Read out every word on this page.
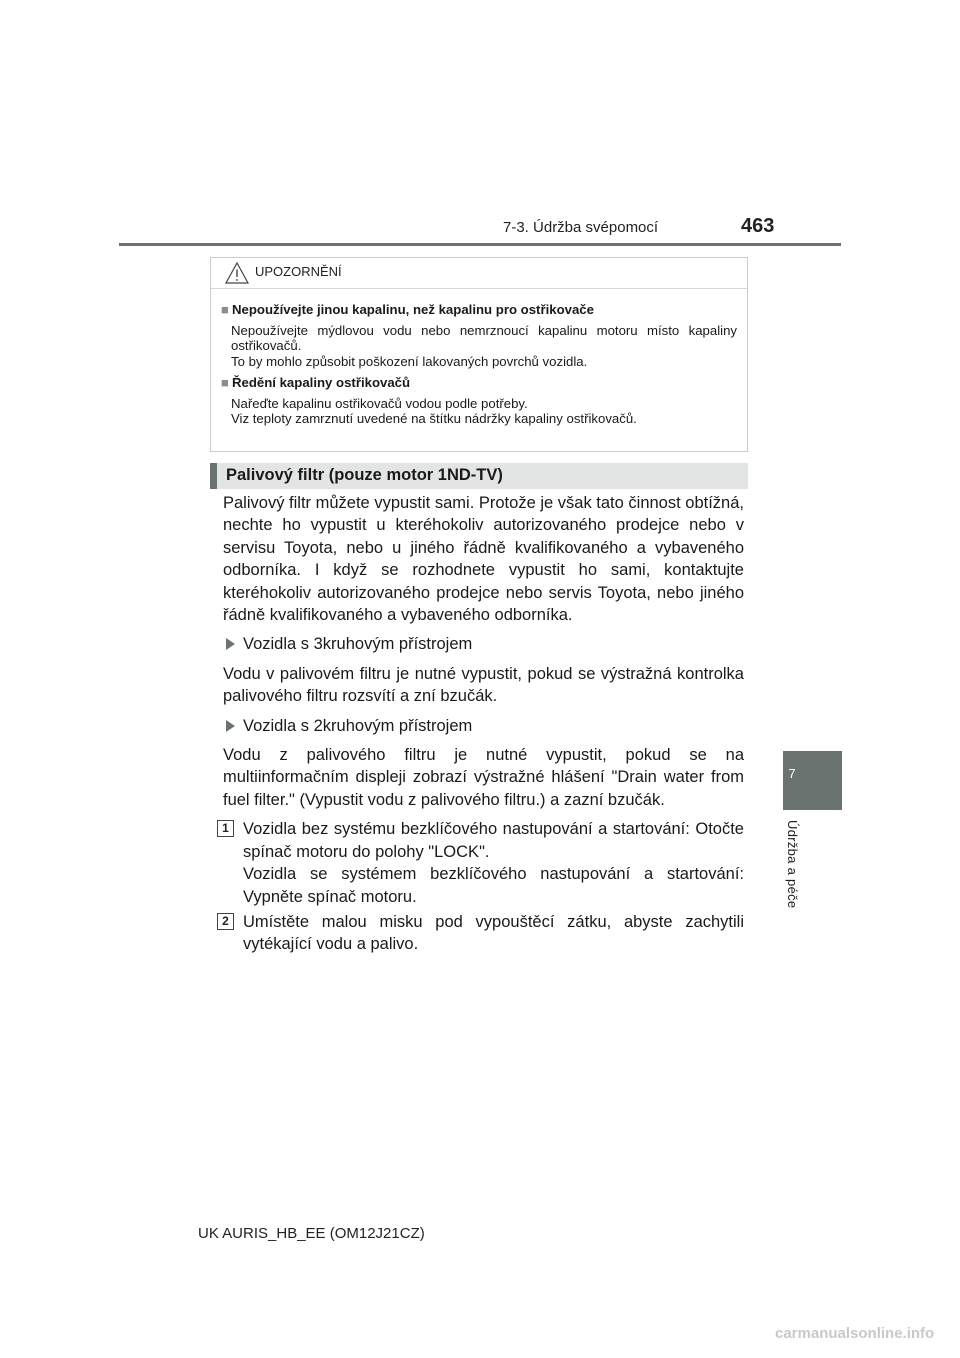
7-3. Údržba svépomocí	463
7
Údržba a péče
UPOZORNĚNÍ
■ Nepoužívejte jinou kapalinu, než kapalinu pro ostřikovače
Nepoužívejte mýdlovou vodu nebo nemrznoucí kapalinu motoru místo kapaliny ostřikovačů.
To by mohlo způsobit poškození lakovaných povrchů vozidla.
■ Ředění kapaliny ostřikovačů
Nařeďte kapalinu ostřikovačů vodou podle potřeby.
Viz teploty zamrznutí uvedené na štítku nádržky kapaliny ostřikovačů.
Palivový filtr (pouze motor 1ND-TV)

Palivový filtr můžete vypustit sami. Protože je však tato činnost obtížná, nechte ho vypustit u kteréhokoliv autorizovaného prodejce nebo v servisu Toyota, nebo u jiného řádně kvalifikovaného a vybaveného odborníka. I když se rozhodnete vypustit ho sami, kontaktujte kteréhokoliv autorizovaného prodejce nebo servis Toyota, nebo jiného řádně kvalifikovaného a vybaveného odborníka.

Vozidla s 3kruhovým přístrojem

Vodu v palivovém filtru je nutné vypustit, pokud se výstražná kontrolka palivového filtru rozsvítí a zní bzučák.

Vozidla s 2kruhovým přístrojem

Vodu z palivového filtru je nutné vypustit, pokud se na multiinformačním displeji zobrazí výstražné hlášení "Drain water from fuel filter." (Vypustit vodu z palivového filtru.) a zazní bzučák.

1 Vozidla bez systému bezklíčového nastupování a startování: Otočte spínač motoru do polohy "LOCK".
Vozidla se systémem bezklíčového nastupování a startování: Vypněte spínač motoru.
2 Umístěte malou misku pod vypouštěcí zátku, abyste zachytili vytékající vodu a palivo.
UK AURIS_HB_EE (OM12J21CZ)
carmanualsonline.info
